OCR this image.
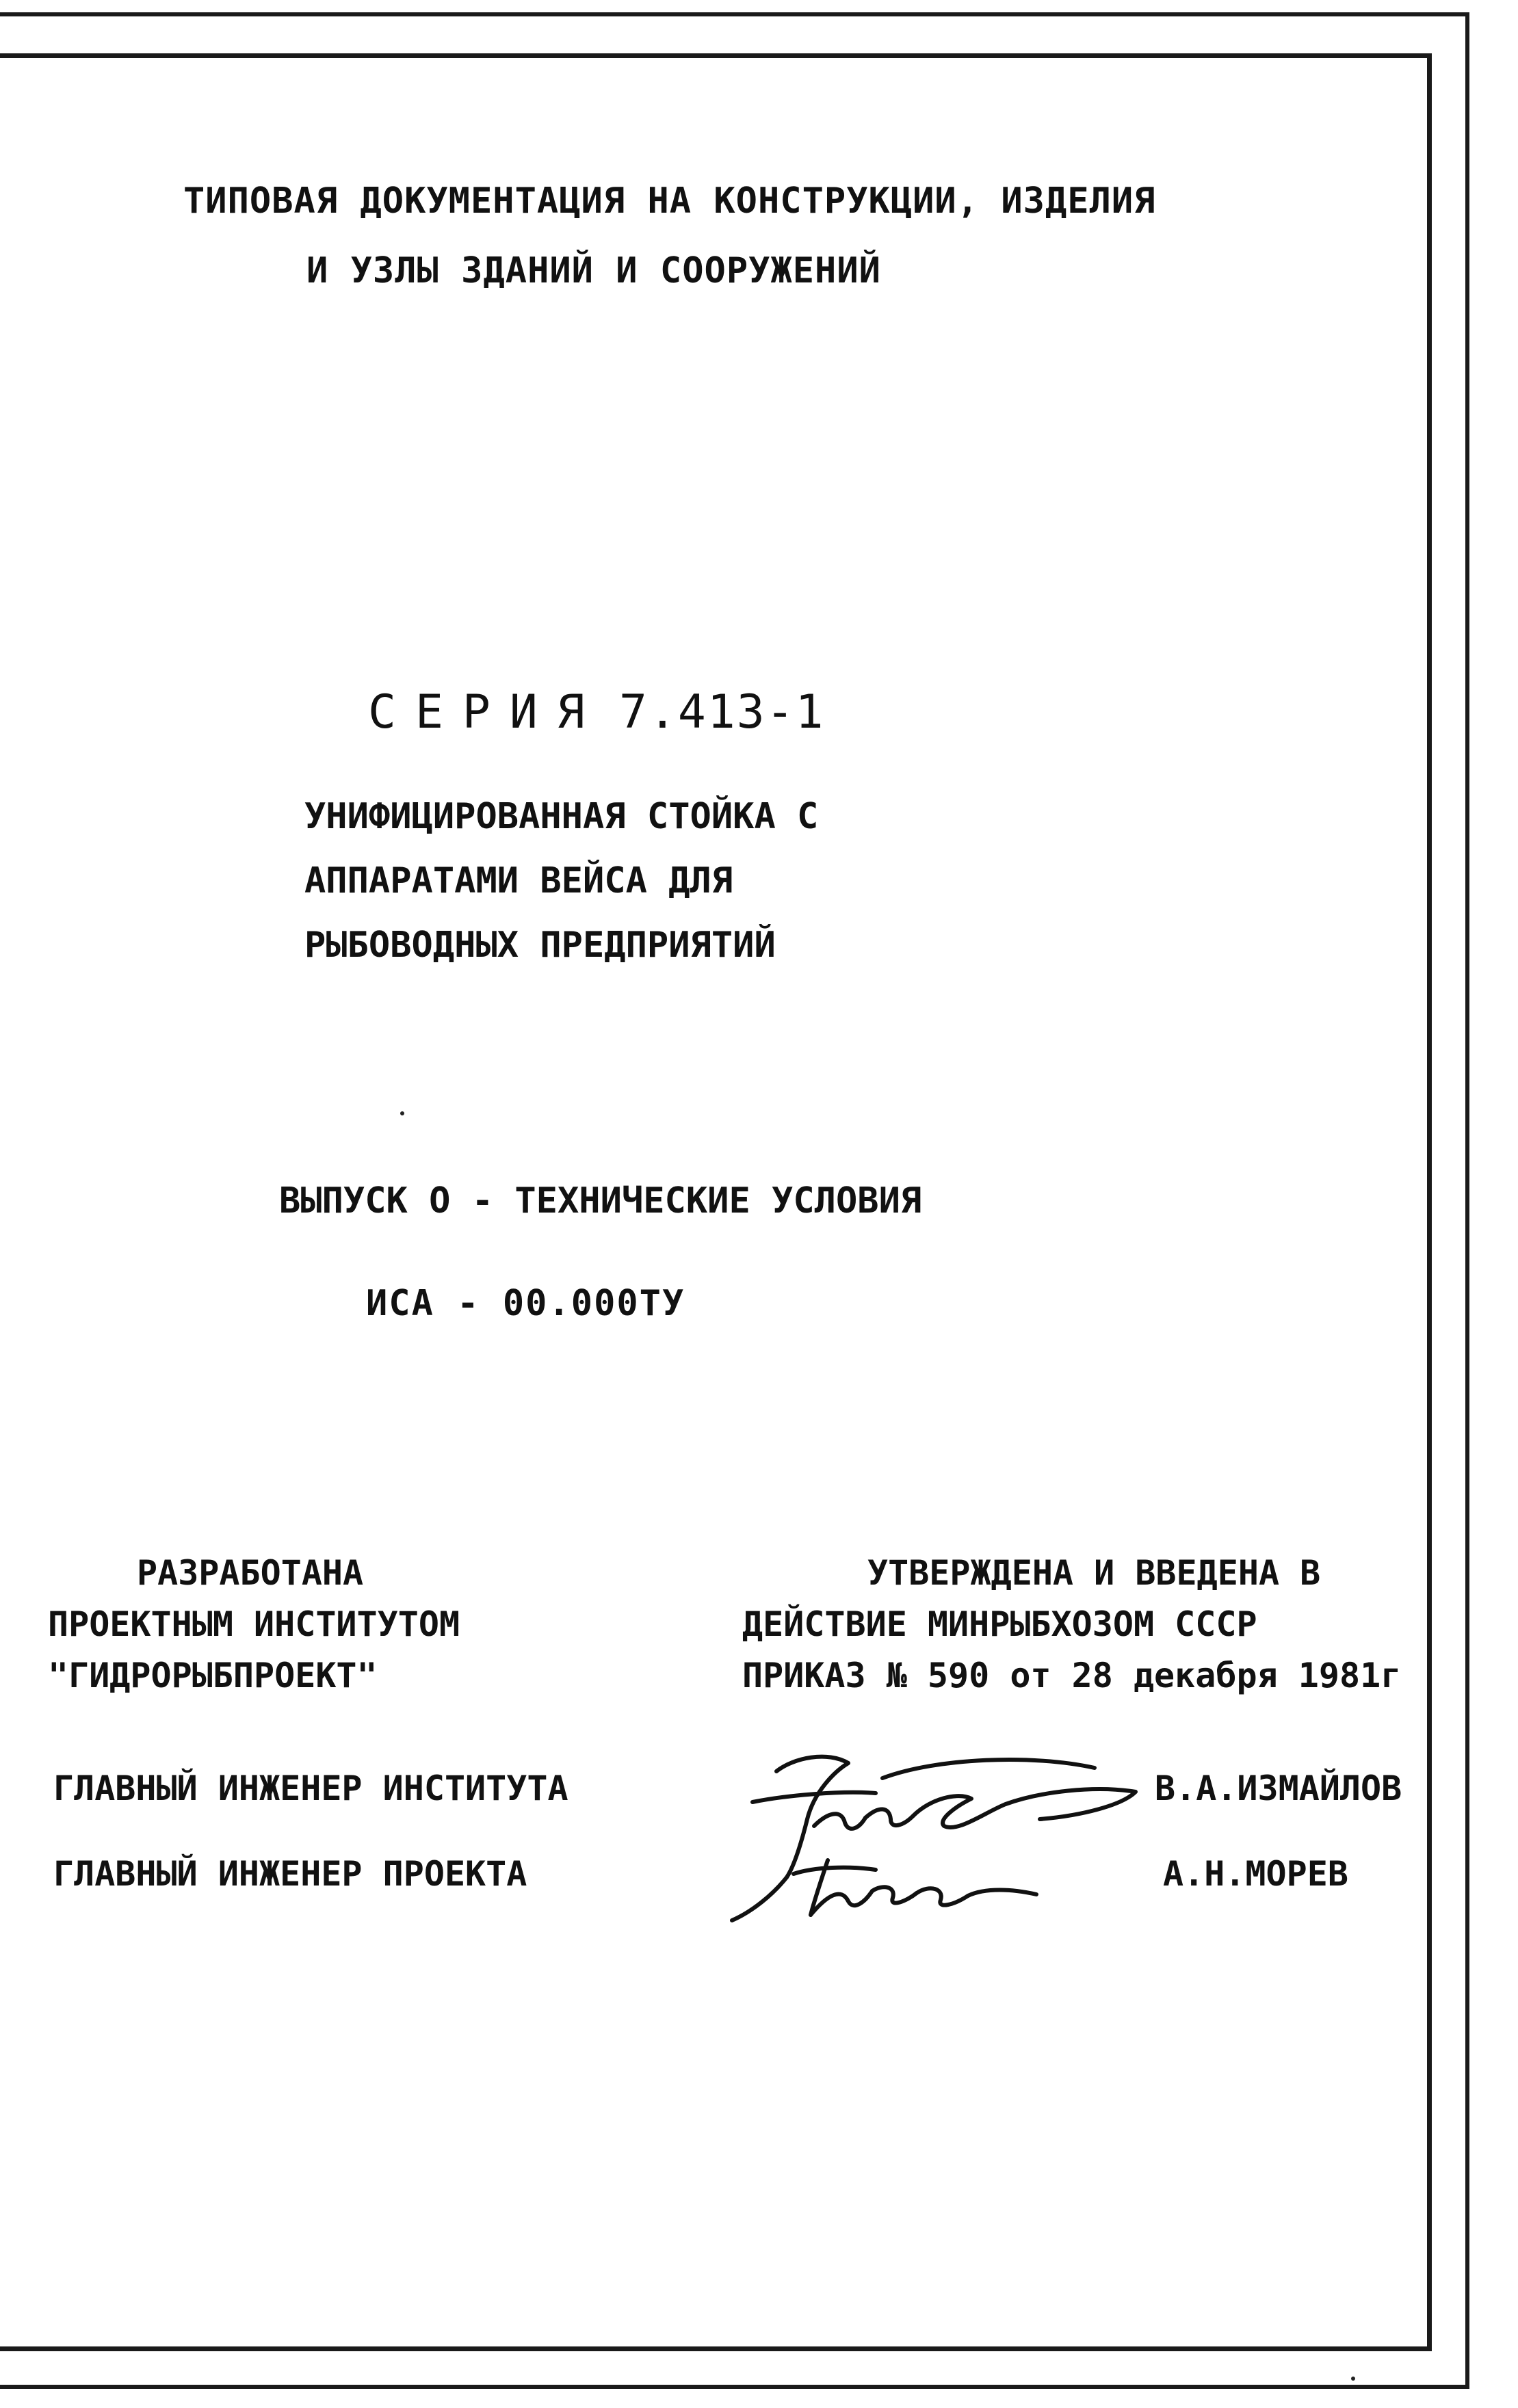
ТИПОВАЯ ДОКУМЕНТАЦИЯ НА КОНСТРУКЦИИ, ИЗДЕЛИЯ
И УЗЛЫ ЗДАНИЙ И СООРУЖЕНИЙ
СЕРИЯ 7.413-1
УНИФИЦИРОВАННАЯ СТОЙКА С
АППАРАТАМИ ВЕЙСА ДЛЯ
РЫБОВОДНЫХ ПРЕДПРИЯТИЙ
ВЫПУСК О - ТЕХНИЧЕСКИЕ УСЛОВИЯ
ИСА - 00.000ТУ
РАЗРАБОТАНА
ПРОЕКТНЫМ ИНСТИТУТОМ
"ГИДРОРЫБПРОЕКТ"
УТВЕРЖДЕНА И ВВЕДЕНА В
ДЕЙСТВИЕ МИНРЫБХОЗОМ СССР
ПРИКАЗ № 590 от 28 декабря 1981г
ГЛАВНЫЙ ИНЖЕНЕР ИНСТИТУТА	В.А.ИЗМАЙЛОВ
ГЛАВНЫЙ ИНЖЕНЕР ПРОЕКТА	А.Н.МОРЕВ
